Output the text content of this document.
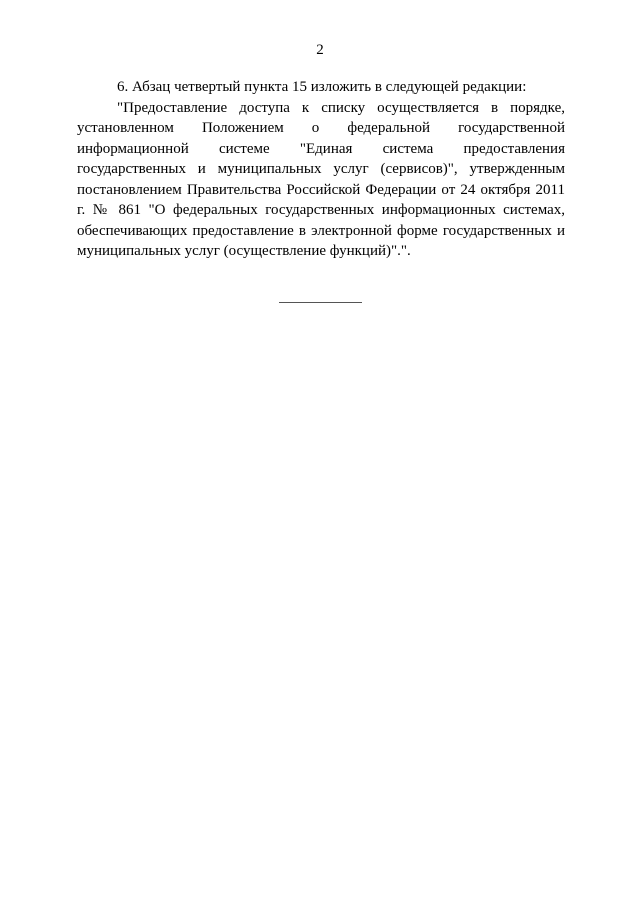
2

6. Абзац четвертый пункта 15 изложить в следующей редакции:

"Предоставление доступа к списку осуществляется в порядке, установленном Положением о федеральной государственной информационной системе "Единая система предоставления государственных и муниципальных услуг (сервисов)", утвержденным постановлением Правительства Российской Федерации от 24 октября 2011 г. № 861 "О федеральных государственных информационных системах, обеспечивающих предоставление в электронной форме государственных и муниципальных услуг (осуществление функций)".".
